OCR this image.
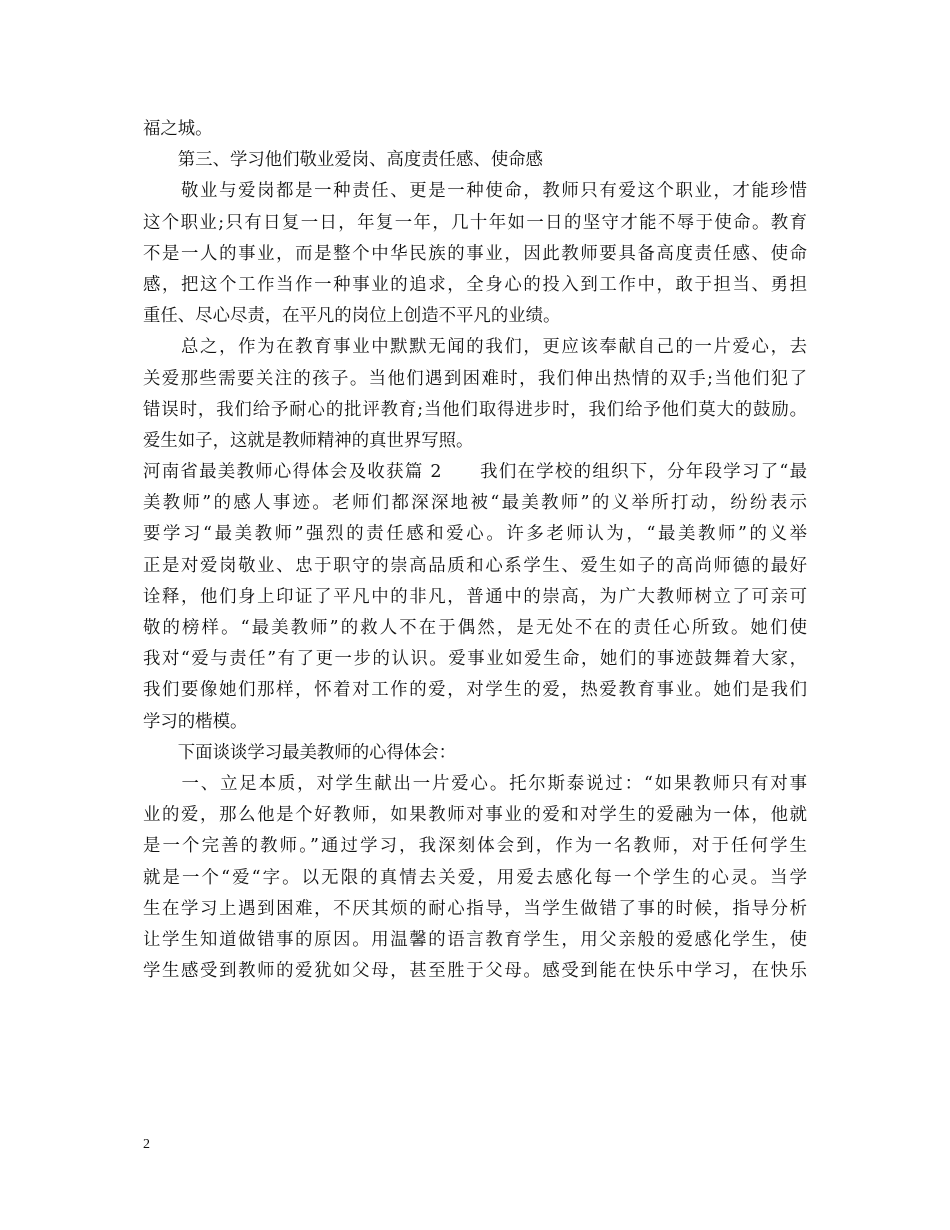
福之城。
　　第三、学习他们敬业爱岗、高度责任感、使命感
　　敬业与爱岗都是一种责任、更是一种使命，教师只有爱这个职业，才能珍惜
这个职业;只有日复一日，年复一年，几十年如一日的坚守才能不辱于使命。教育
不是一人的事业，而是整个中华民族的事业，因此教师要具备高度责任感、使命
感，把这个工作当作一种事业的追求，全身心的投入到工作中，敢于担当、勇担
重任、尽心尽责，在平凡的岗位上创造不平凡的业绩。
　　总之，作为在教育事业中默默无闻的我们，更应该奉献自己的一片爱心，去
关爱那些需要关注的孩子。当他们遇到困难时，我们伸出热情的双手;当他们犯了
错误时，我们给予耐心的批评教育;当他们取得进步时，我们给予他们莫大的鼓励。
爱生如子，这就是教师精神的真世界写照。
河南省最美教师心得体会及收获篇 2　　我们在学校的组织下，分年段学习了“最
美教师”的感人事迹。老师们都深深地被“最美教师”的义举所打动，纷纷表示
要学习“最美教师”强烈的责任感和爱心。许多老师认为，“最美教师”的义举
正是对爱岗敬业、忠于职守的崇高品质和心系学生、爱生如子的高尚师德的最好
诠释，他们身上印证了平凡中的非凡，普通中的崇高，为广大教师树立了可亲可
敬的榜样。“最美教师”的救人不在于偶然，是无处不在的责任心所致。她们使
我对“爱与责任”有了更一步的认识。爱事业如爱生命，她们的事迹鼓舞着大家，
我们要像她们那样，怀着对工作的爱，对学生的爱，热爱教育事业。她们是我们
学习的楷模。
　　下面谈谈学习最美教师的心得体会：
　　一、立足本质，对学生献出一片爱心。托尔斯泰说过：“如果教师只有对事
业的爱，那么他是个好教师，如果教师对事业的爱和对学生的爱融为一体，他就
是一个完善的教师。”通过学习，我深刻体会到，作为一名教师，对于任何学生
就是一个“爱“字。以无限的真情去关爱，用爱去感化每一个学生的心灵。当学
生在学习上遇到困难，不厌其烦的耐心指导，当学生做错了事的时候，指导分析
让学生知道做错事的原因。用温馨的语言教育学生，用父亲般的爱感化学生，使
学生感受到教师的爱犹如父母，甚至胜于父母。感受到能在快乐中学习，在快乐
2
